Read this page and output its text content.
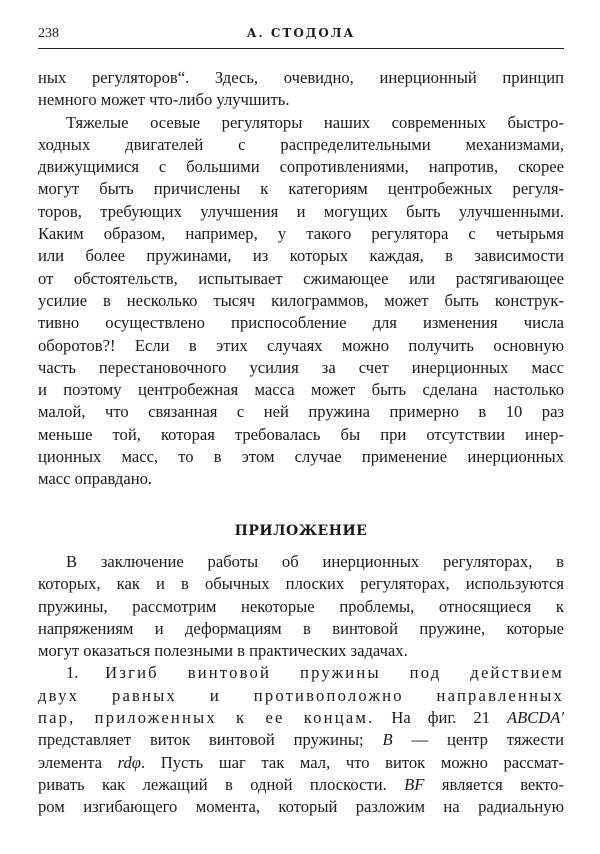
238	А. СТОДОЛА

ных регуляторов“. Здесь, очевидно, инерционный принцип
немного может что-либо улучшить.

Тяжелые осевые регуляторы наших современных быстро-
ходных двигателей с распределительными механизмами,
движущимися с большими сопротивлениями, напротив, скорее
могут быть причислены к категориям центробежных регуля-
торов, требующих улучшения и могущих быть улучшенными.
Каким образом, например, у такого регулятора с четырьмя
или более пружинами, из которых каждая, в зависимости
от обстоятельств, испытывает сжимающее или растягивающее
усилие в несколько тысяч килограммов, может быть конструк-
тивно осуществлено приспособление для изменения числа
оборотов?! Если в этих случаях можно получить основную
часть перестановочного усилия за счет инерционных масс
и поэтому центробежная масса может быть сделана настолько
малой, что связанная с ней пружина примерно в 10 раз
меньше той, которая требовалась бы при отсутствии инер-
ционных масс, то в этом случае применение инерционных
масс оправдано.

ПРИЛОЖЕНИЕ

В заключение работы об инерционных регуляторах, в
которых, как и в обычных плоских регуляторах, используются
пружины, рассмотрим некоторые проблемы, относящиеся к
напряжениям и деформациям в винтовой пружине, которые
могут оказаться полезными в практических задачах.

1. Изгиб винтовой пружины под действием
двух равных и противоположно направленных
пар, приложенных к ее концам. На фиг. 21 ABCDA'
представляет виток винтовой пружины; B — центр тяжести
элемента rdφ. Пусть шаг так мал, что виток можно рассмат-
ривать как лежащий в одной плоскости. BF является векто-
ром изгибающего момента, который разложим на радиальную
